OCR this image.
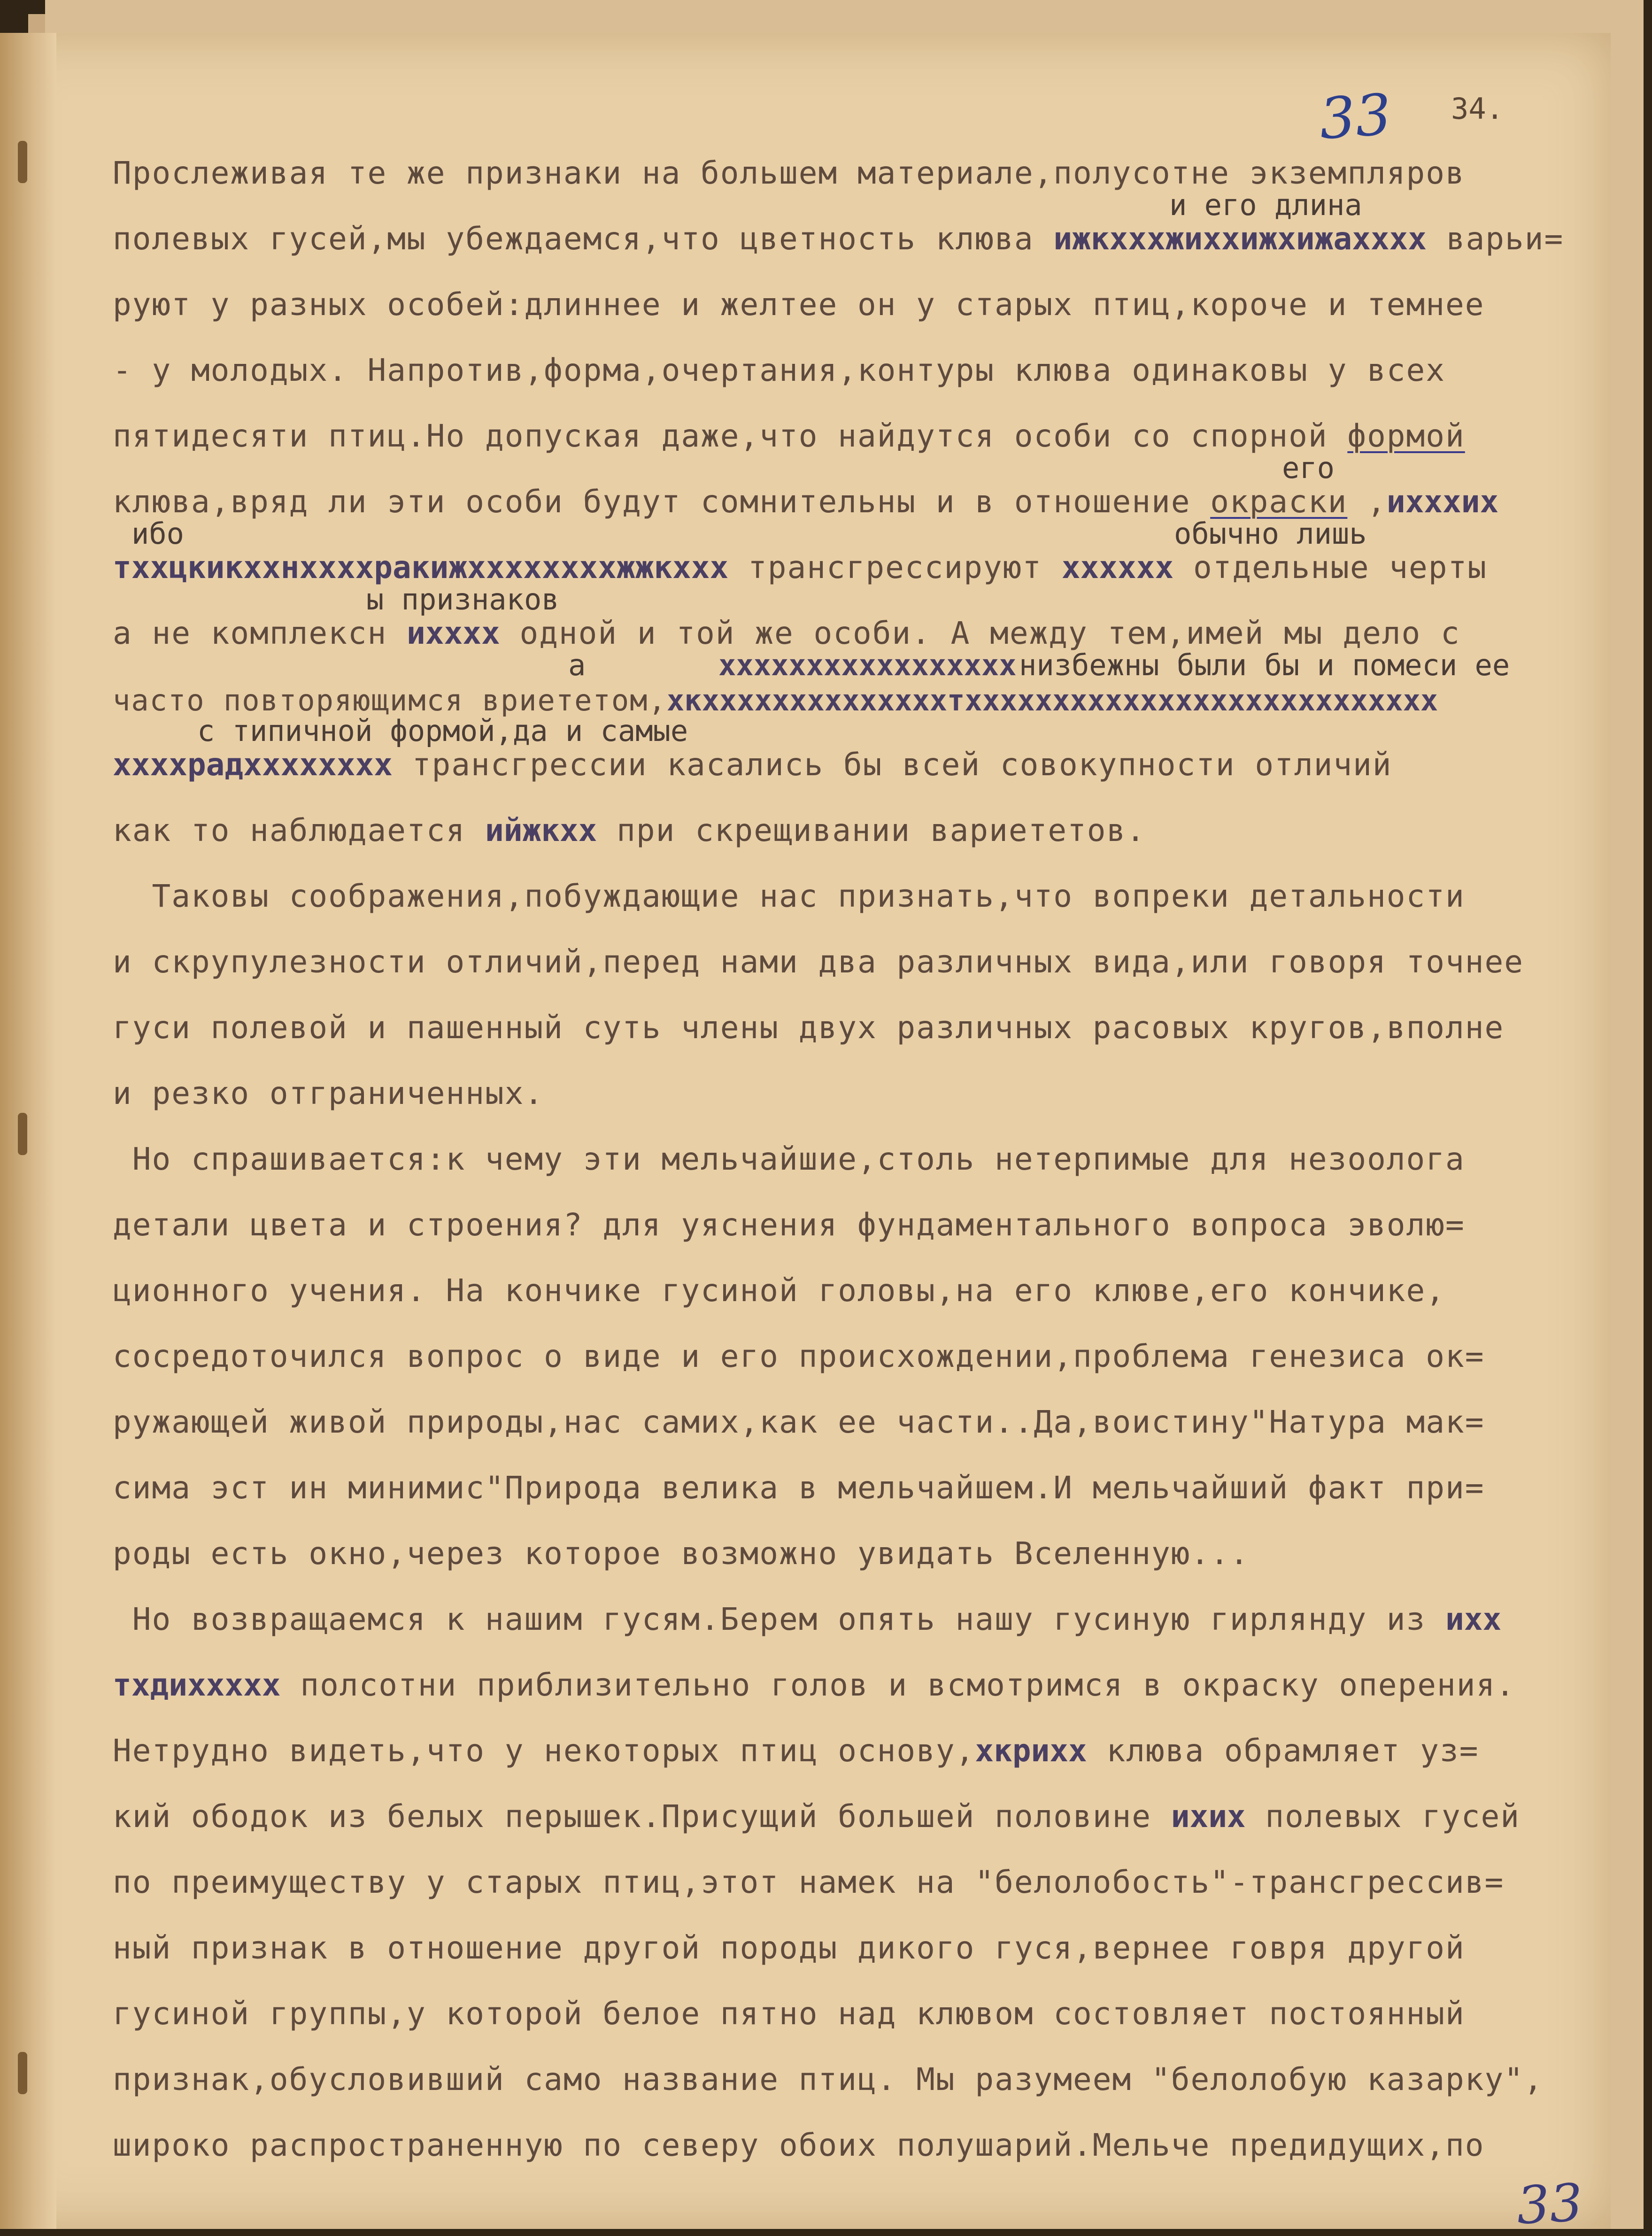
33 34.
и его длина
его
ибо	обычно лишь
ы признаков
а	ххххххххххххххххх низбежны были бы и помеси ее
с типичной формой,да и самые
Прослеживая те же признаки на большем материале,полусотне экземпляров
полевых гусей,мы убеждаемся,что цветность клюва ижкхххжиххижхижахххх варьи=
руют у разных особей:длиннее и желтее он у старых птиц,короче и темнее
- у молодых. Напротив,форма,очертания,контуры клюва одинаковы у всех
пятидесяти птиц.Но допуская даже,что найдутся особи со спорной формой
клюва,вряд ли эти особи будут сомнительны и в отношение окраски ,ихххих
тххцкикххнххххракижххххххххжжкххх трансгрессируют хххххх отдельные черты
а не комплексн ихххх одной и той же особи. А между тем,имей мы дело с
часто повторяющимся вриететом,хкххххххххххххххтххххххххххххххххххххххххххх
ххххрадхххххххх трансгрессии касались бы всей совокупности отличий
как то наблюдается ийжкхх при скрещивании вариететов.
Таковы соображения,побуждающие нас признать,что вопреки детальности
и скрупулезности отличий,перед нами два различных вида,или говоря точнее
гуси полевой и пашенный суть члены двух различных расовых кругов,вполне
и резко отграниченных.
Но спрашивается:к чему эти мельчайшие,столь нетерпимые для незоолога
детали цвета и строения? для уяснения фундаментального вопроса эволю=
ционного учения. На кончике гусиной головы,на его клюве,его кончике,
сосредоточился вопрос о виде и его происхождении,проблема генезиса ок=
ружающей живой природы,нас самих,как ее части..Да,воистину"Натура мак=
сима эст ин минимис"Природа велика в мельчайшем.И мельчайший факт при=
роды есть окно,через которое возможно увидать Вселенную...
Но возвращаемся к нашим гусям.Берем опять нашу гусиную гирлянду из ихх
тхдиххххх полсотни приблизительно голов и всмотримся в окраску оперения.
Нетрудно видеть,что у некоторых птиц основу,хкрихх клюва обрамляет уз=
кий ободок из белых перышек.Присущий большей половине ихих полевых гусей
по преимуществу у старых птиц,этот намек на "белолобость"-трансгрессив=
ный признак в отношение другой породы дикого гуся,вернее говря другой
гусиной группы,у которой белое пятно над клювом состовляет постоянный
признак,обусловивший само название птиц. Мы разумеем "белолобую казарку",
широко распространенную по северу обоих полушарий.Мельче предидущих,по
33
